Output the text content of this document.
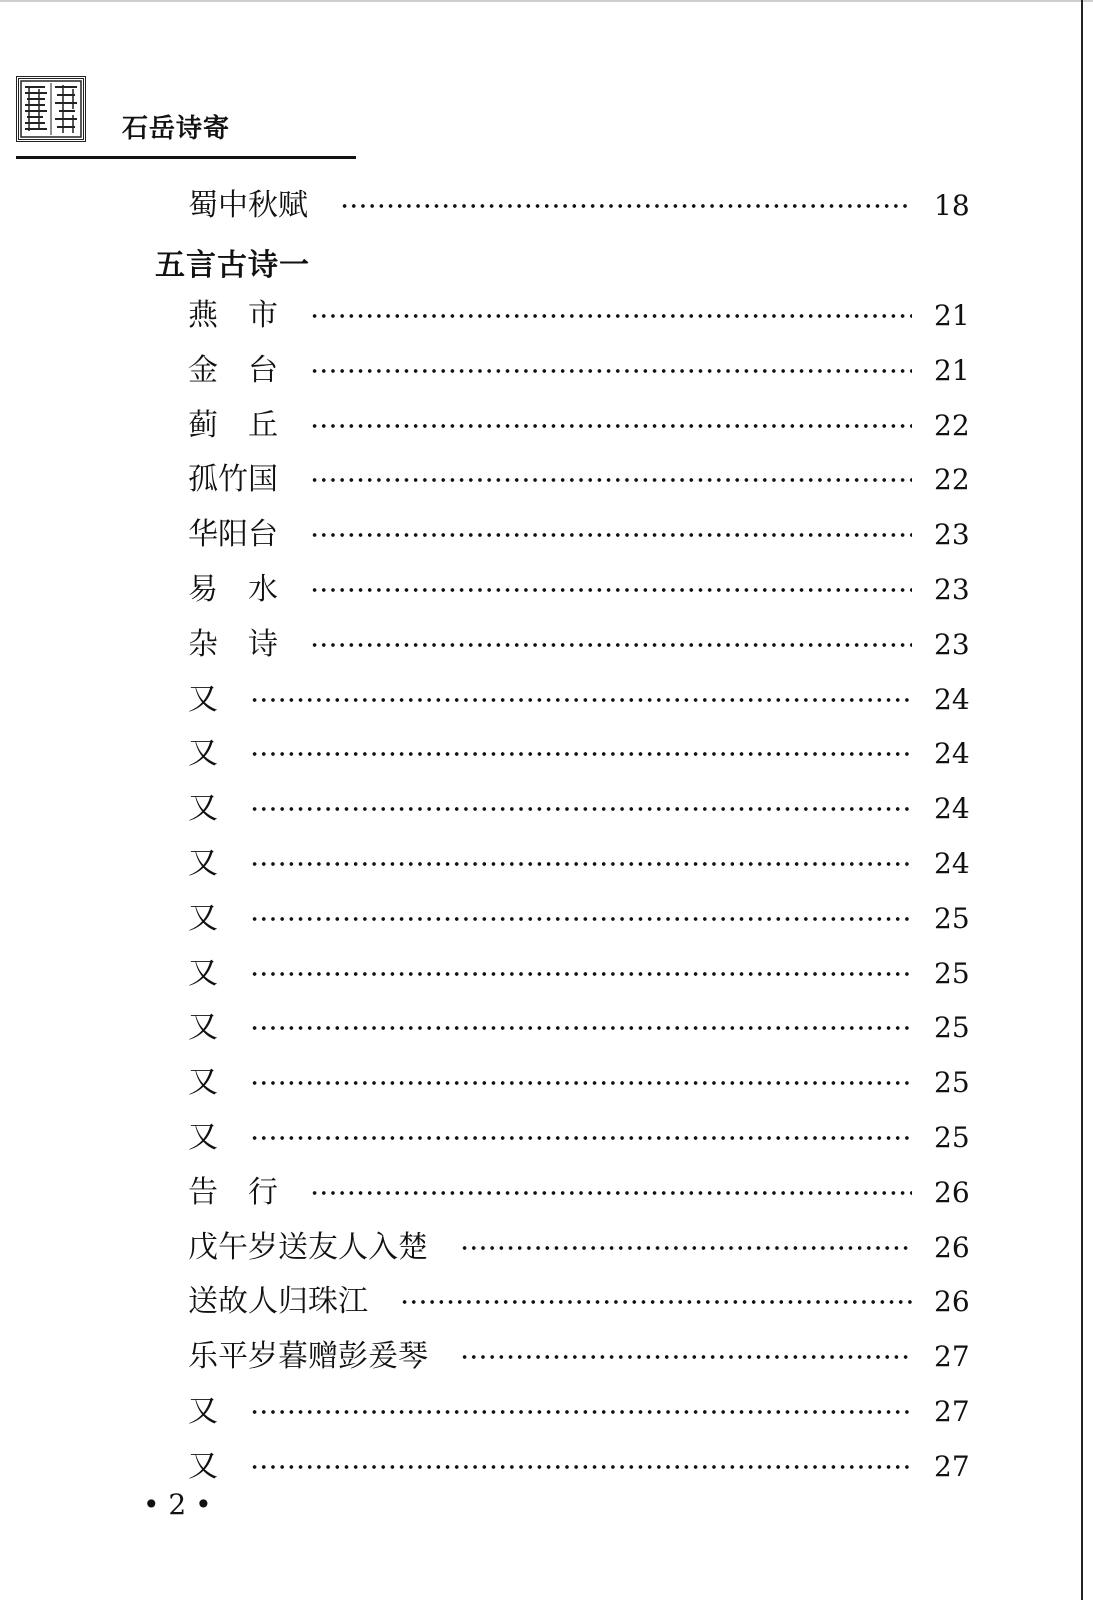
石岳诗寄
蜀中秋赋	18
五言古诗一
燕　市	21
金　台	21
蓟　丘	22
孤竹国	22
华阳台	23
易　水	23
杂　诗	23
又	24
又	24
又	24
又	24
又	25
又	25
又	25
又	25
又	25
告　行	26
戊午岁送友人入楚	26
送故人归珠江	26
乐平岁暮赠彭爰琴	27
又	27
又	27
• 2 •
